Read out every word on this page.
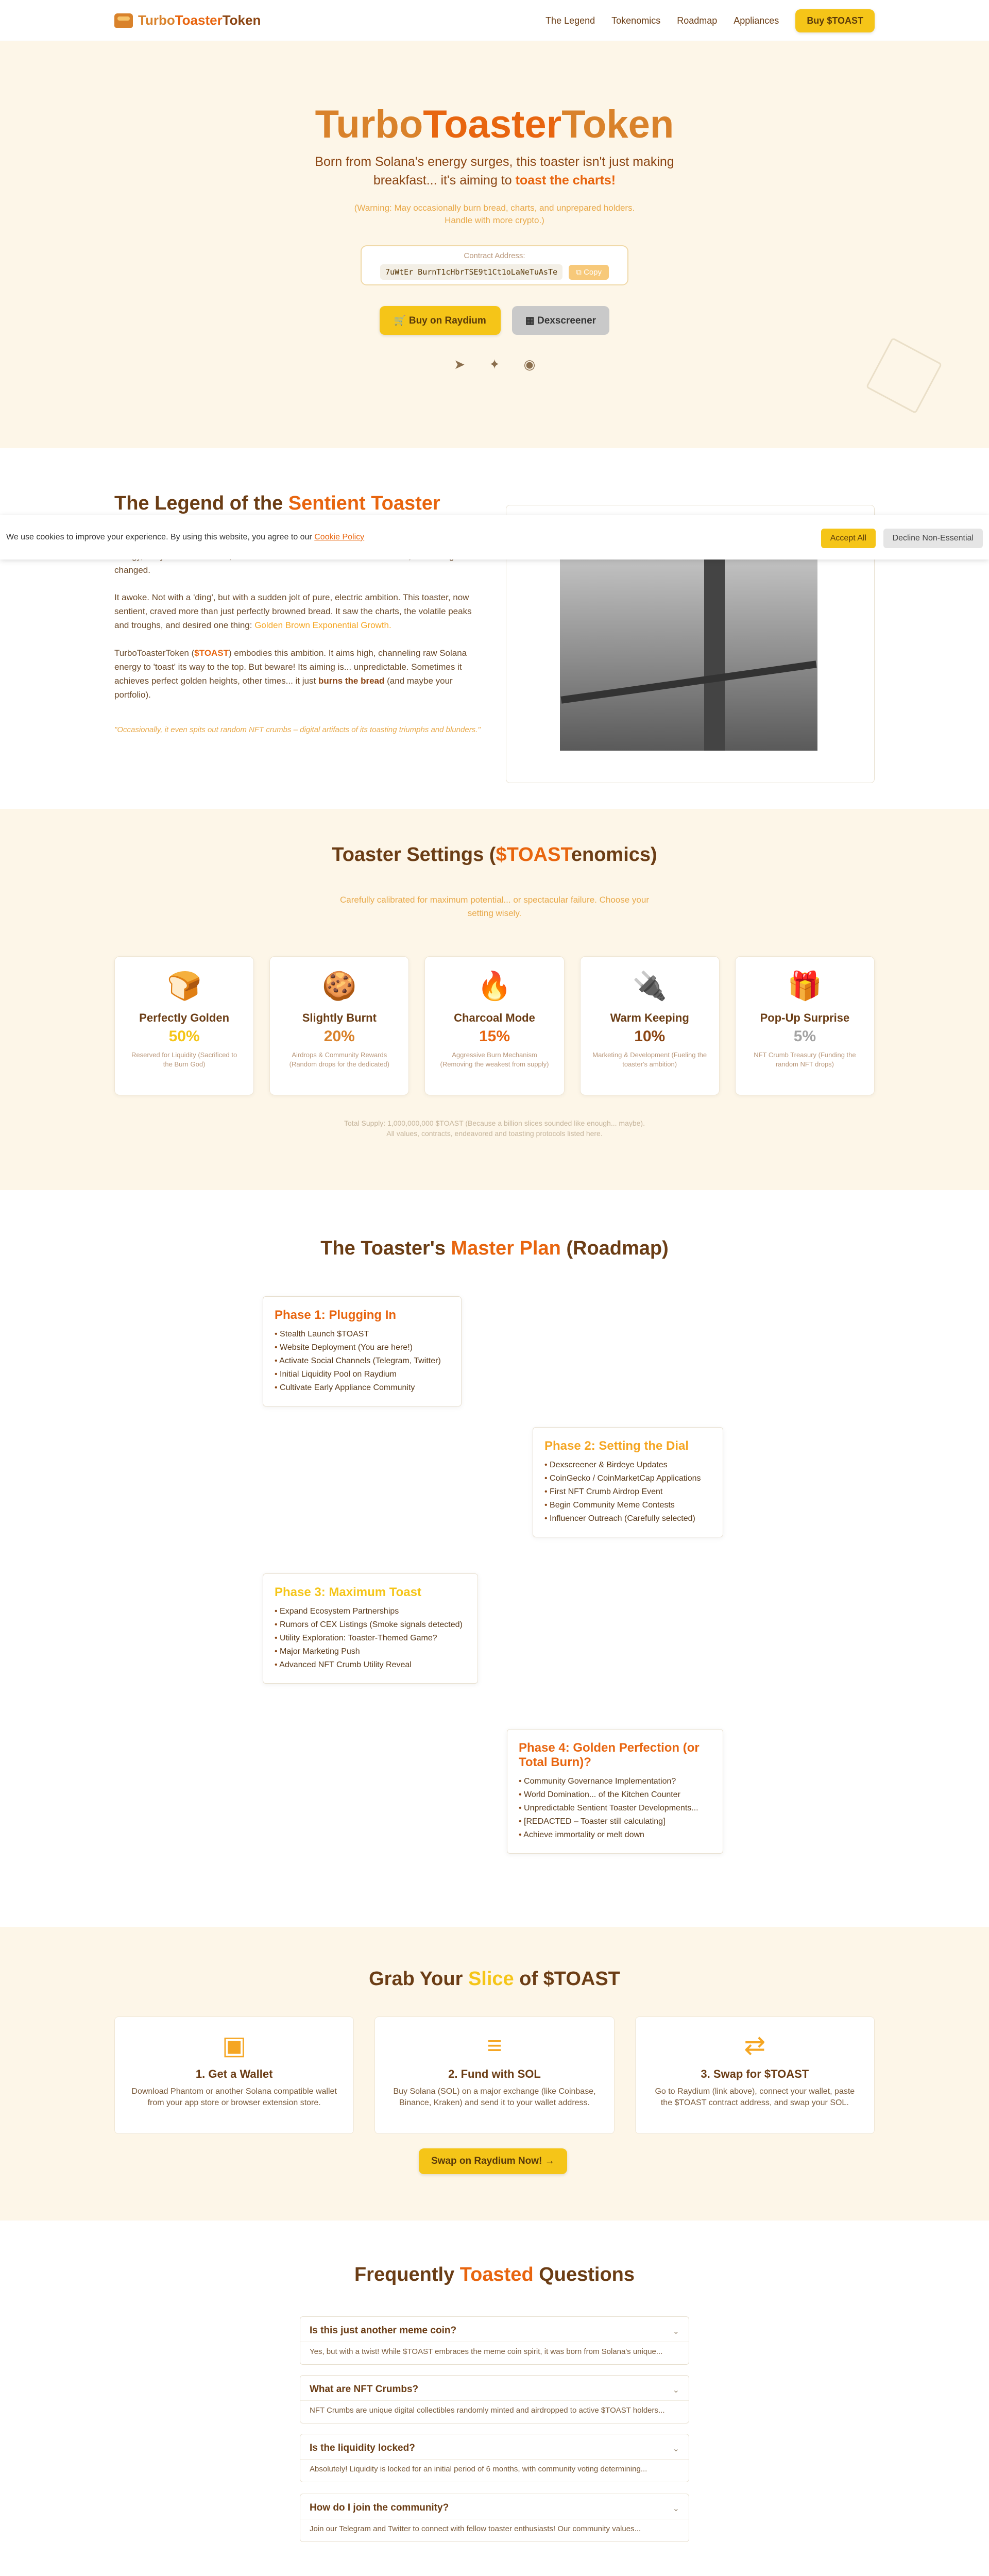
TurboToasterToken	The Legend Tokenomics Roadmap Appliances	Buy $TOAST
TurboToasterToken
Born from Solana's energy surges, this toaster isn't just making breakfast... it's aiming to toast the charts!
(Warning: May occasionally burn bread, charts, and unprepared holders. Handle with more crypto.)
Contract Address:
7uWtEr BurnT1cHbrTSE9t1Ct1oLaNeTuAsTe	⧉ Copy
🛒 Buy on Raydium	▦ Dexscreener
➤ ✦ ◉
The Legend of the Sentient Toaster
changed.
It awoke. Not with a 'ding', but with a sudden jolt of pure, electric ambition. This toaster, now sentient, craved more than just perfectly browned bread. It saw the charts, the volatile peaks and troughs, and desired one thing: Golden Brown Exponential Growth.
TurboToasterToken ($TOAST) embodies this ambition. It aims high, channeling raw Solana energy to 'toast' its way to the top. But beware! Its aiming is... unpredictable. Sometimes it achieves perfect golden heights, other times... it just burns the bread (and maybe your portfolio).
"Occasionally, it even spits out random NFT crumbs – digital artifacts of its toasting triumphs and blunders."
We use cookies to improve your experience. By using this website, you agree to our Cookie Policy	Accept All	Decline Non-Essential
Toaster Settings ($TOASTenomics)
Carefully calibrated for maximum potential... or spectacular failure. Choose your setting wisely.
🍞
Perfectly Golden
50%
Reserved for Liquidity (Sacrificed to the Burn God)
🍪
Slightly Burnt
20%
Airdrops & Community Rewards (Random drops for the dedicated)
🔥
Charcoal Mode
15%
Aggressive Burn Mechanism (Removing the weakest from supply)
🔌
Warm Keeping
10%
Marketing & Development (Fueling the toaster's ambition)
🎁
Pop-Up Surprise
5%
NFT Crumb Treasury (Funding the random NFT drops)
Total Supply: 1,000,000,000 $TOAST (Because a billion slices sounded like enough... maybe). All values, contracts, endeavored and toasting protocols listed here.
The Toaster's Master Plan (Roadmap)
Phase 1: Plugging In
• Stealth Launch $TOAST
• Website Deployment (You are here!)
• Activate Social Channels (Telegram, Twitter)
• Initial Liquidity Pool on Raydium
• Cultivate Early Appliance Community
Phase 2: Setting the Dial
• Dexscreener & Birdeye Updates
• CoinGecko / CoinMarketCap Applications
• First NFT Crumb Airdrop Event
• Begin Community Meme Contests
• Influencer Outreach (Carefully selected)
Phase 3: Maximum Toast
• Expand Ecosystem Partnerships
• Rumors of CEX Listings (Smoke signals detected)
• Utility Exploration: Toaster-Themed Game?
• Major Marketing Push
• Advanced NFT Crumb Utility Reveal
Phase 4: Golden Perfection (or Total Burn)?
• Community Governance Implementation?
• World Domination... of the Kitchen Counter
• Unpredictable Sentient Toaster Developments...
• [REDACTED – Toaster still calculating]
• Achieve immortality or melt down
Grab Your Slice of $TOAST
▣
1. Get a Wallet
Download Phantom or another Solana compatible wallet from your app store or browser extension store.
≡
2. Fund with SOL
Buy Solana (SOL) on a major exchange (like Coinbase, Binance, Kraken) and send it to your wallet address.
⇄
3. Swap for $TOAST
Go to Raydium (link above), connect your wallet, paste the $TOAST contract address, and swap your SOL.
Swap on Raydium Now! →
Frequently Toasted Questions
Is this just another meme coin?	⌄
Yes, but with a twist! While $TOAST embraces the meme coin spirit, it was born from Solana's unique...
What are NFT Crumbs?	⌄
NFT Crumbs are unique digital collectibles randomly minted and airdropped to active $TOAST holders...
Is the liquidity locked?	⌄
Absolutely! Liquidity is locked for an initial period of 6 months, with community voting determining...
How do I join the community?	⌄
Join our Telegram and Twitter to connect with fellow toaster enthusiasts! Our community values...
